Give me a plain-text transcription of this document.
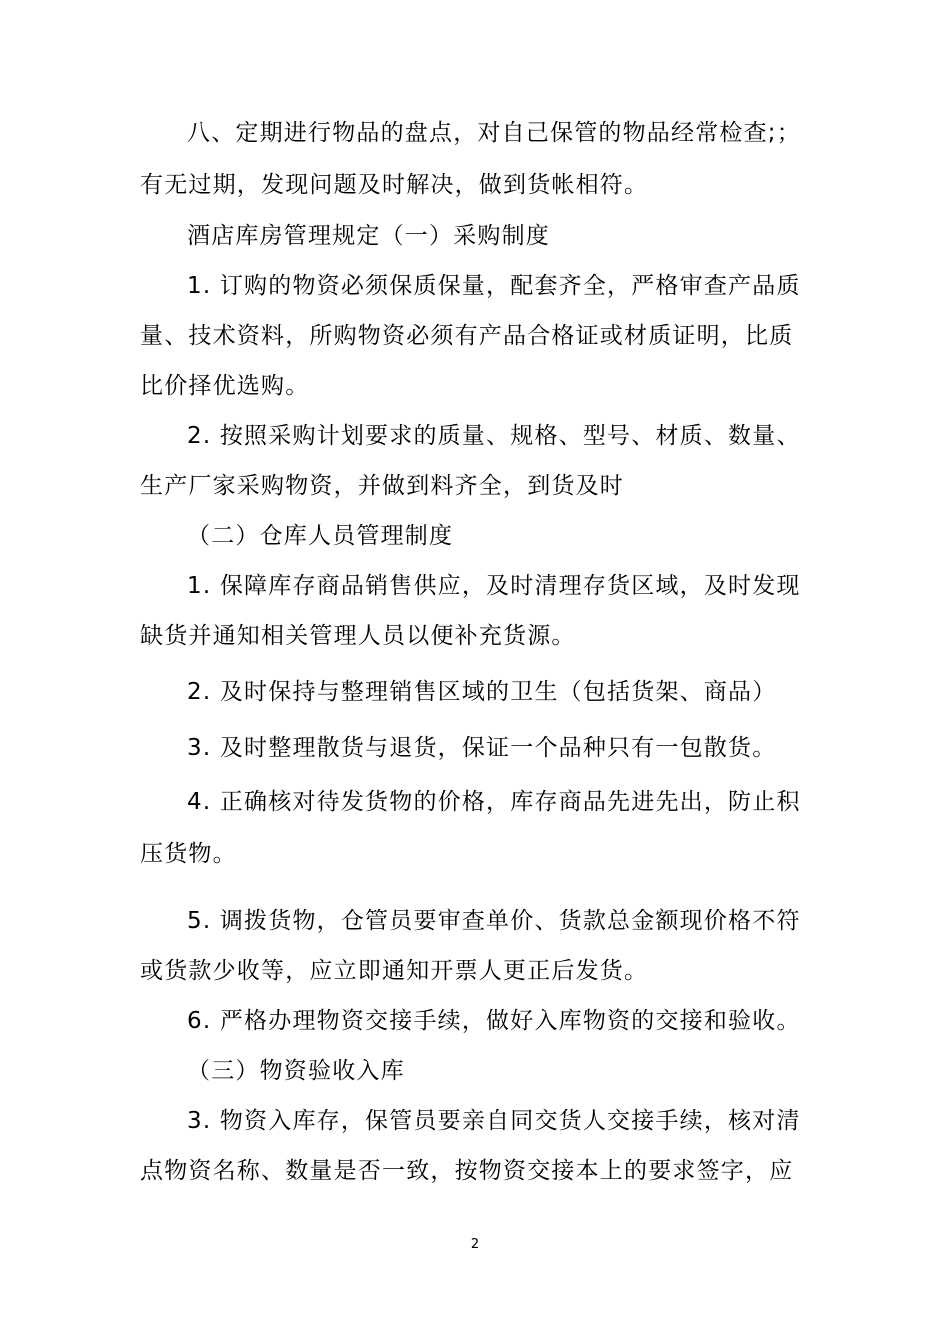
八、定期进行物品的盘点，对自己保管的物品经常检查;；
有无过期，发现问题及时解决，做到货帐相符。
酒店库房管理规定（一）采购制度
1. 订购的物资必须保质保量，配套齐全，严格审查产品质
量、技术资料，所购物资必须有产品合格证或材质证明，比质
比价择优选购。
2. 按照采购计划要求的质量、规格、型号、材质、数量、
生产厂家采购物资，并做到料齐全，到货及时
（二）仓库人员管理制度
1. 保障库存商品销售供应，及时清理存货区域，及时发现
缺货并通知相关管理人员以便补充货源。
2. 及时保持与整理销售区域的卫生（包括货架、商品）
3. 及时整理散货与退货，保证一个品种只有一包散货。
4. 正确核对待发货物的价格，库存商品先进先出，防止积
压货物。
5. 调拨货物，仓管员要审查单价、货款总金额现价格不符
或货款少收等，应立即通知开票人更正后发货。
6. 严格办理物资交接手续，做好入库物资的交接和验收。
（三）物资验收入库
3. 物资入库存，保管员要亲自同交货人交接手续，核对清
点物资名称、数量是否一致，按物资交接本上的要求签字，应
2
